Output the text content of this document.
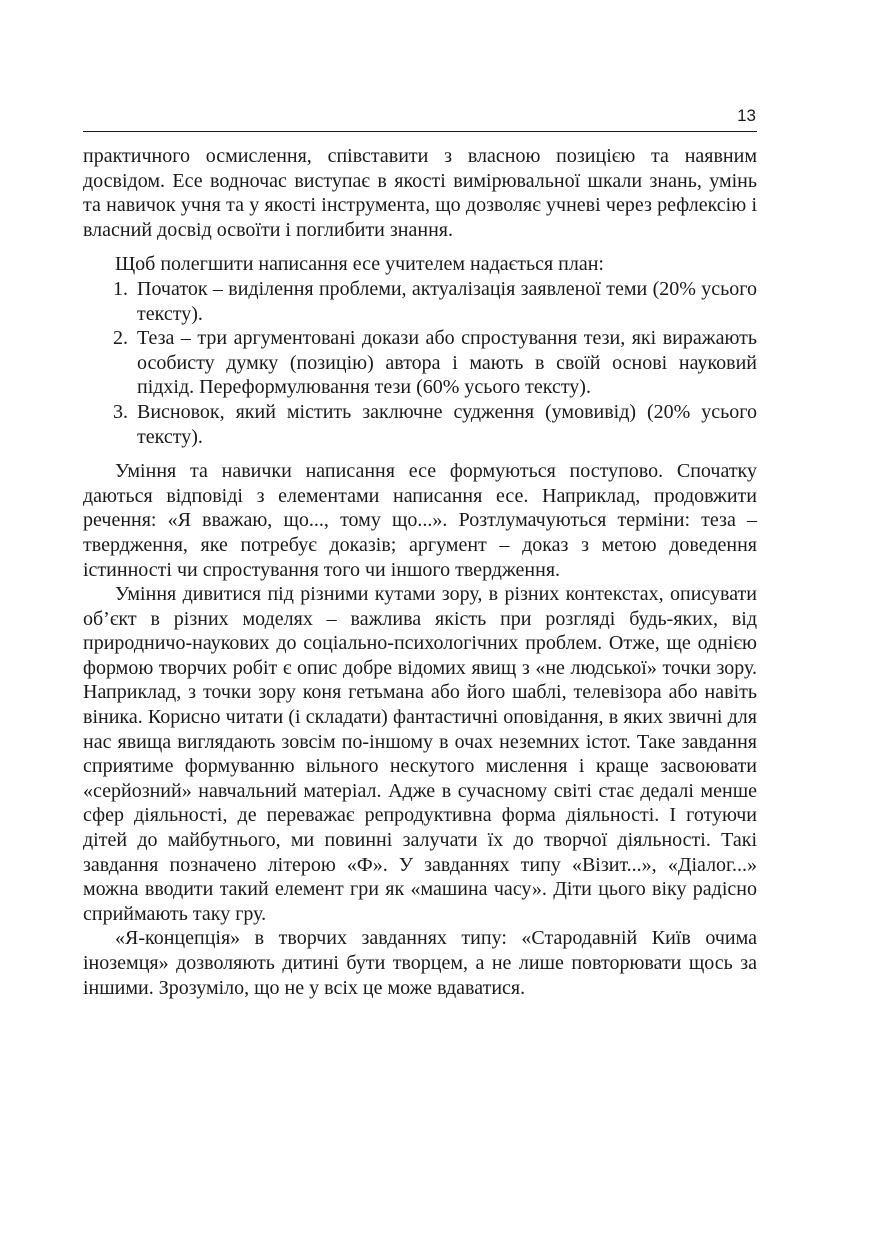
13

практичного осмислення, співставити з власною позицією та наявним досвідом. Есе водночас виступає в якості вимірювальної шкали знань, умінь та навичок учня та у якості інструмента, що дозволяє учневі через рефлексію і власний досвід освоїти і поглибити знання.

Щоб полегшити написання есе учителем надається план:

1. Початок – виділення проблеми, актуалізація заявленої теми (20% усього тексту).
2. Теза – три аргументовані докази або спростування тези, які виражають особисту думку (позицію) автора і мають в своїй основі науковий підхід. Переформулювання тези (60% усього тексту).
3. Висновок, який містить заключне судження (умовивід) (20% усього тексту).

Уміння та навички написання есе формуються поступово. Спочатку даються відповіді з елементами написання есе. Наприклад, продовжити речення: «Я вважаю, що..., тому що...». Розтлумачуються терміни: теза – твердження, яке потребує доказів; аргумент – доказ з метою доведення істинності чи спростування того чи іншого твердження.

Уміння дивитися під різними кутами зору, в різних контекстах, описувати об’єкт в різних моделях – важлива якість при розгляді будь-яких, від природничо-наукових до соціально-психологічних проблем. Отже, ще однією формою творчих робіт є опис добре відомих явищ з «не людської» точки зору. Наприклад, з точки зору коня гетьмана або його шаблі, телевізора або навіть віника. Корисно читати (і складати) фантастичні оповідання, в яких звичні для нас явища виглядають зовсім по-іншому в очах неземних істот. Таке завдання сприятиме формуванню вільного нескутого мислення і краще засвоювати «серйозний» навчальний матеріал. Адже в сучасному світі стає дедалі менше сфер діяльності, де переважає репродуктивна форма діяльності. І готуючи дітей до майбутнього, ми повинні залучати їх до творчої діяльності. Такі завдання позначено літерою «Ф». У завданнях типу «Візит...», «Діалог...» можна вводити такий елемент гри як «машина часу». Діти цього віку радісно сприймають таку гру.

«Я-концепція» в творчих завданнях типу: «Стародавній Київ очима іноземця» дозволяють дитині бути творцем, а не лише повторювати щось за іншими. Зрозуміло, що не у всіх це може вдаватися.
